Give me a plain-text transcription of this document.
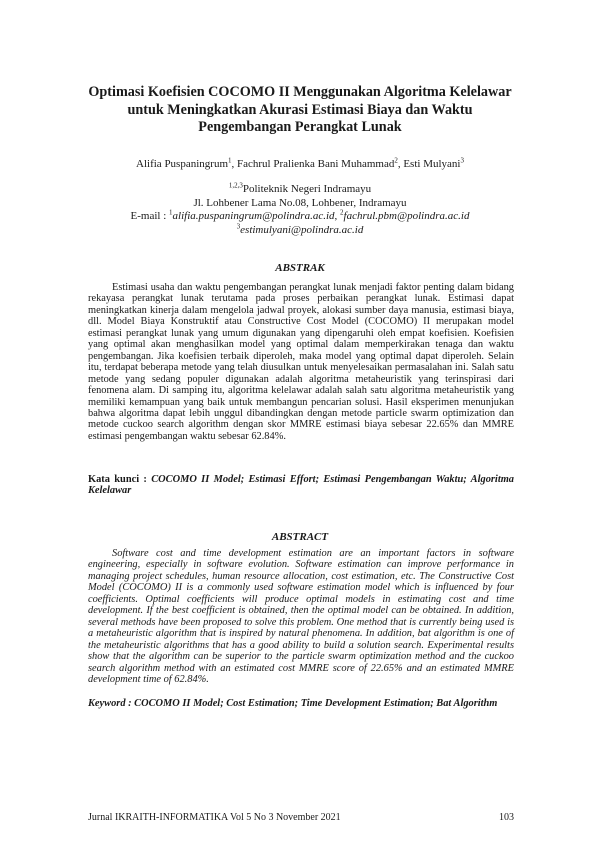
Optimasi Koefisien COCOMO II Menggunakan Algoritma Kelelawar
untuk Meningkatkan Akurasi Estimasi Biaya dan Waktu
Pengembangan Perangkat Lunak
Alifia Puspaningrum$^1$, Fachrul Pralienka Bani Muhammad$^2$, Esti Mulyani$^3$
$^{1,2,3}$Politeknik Negeri Indramayu
Jl. Lohbener Lama No.08, Lohbener, Indramayu
E-mail : $^1$alifia.puspaningrum@polindra.ac.id, $^2$fachrul.pbm@polindra.ac.id
$^3$estimulyani@polindra.ac.id
ABSTRAK

Estimasi usaha dan waktu pengembangan perangkat lunak menjadi faktor penting dalam bidang rekayasa perangkat lunak terutama pada proses perbaikan perangkat lunak. Estimasi dapat meningkatkan kinerja dalam mengelola jadwal proyek, alokasi sumber daya manusia, estimasi biaya, dll. Model Biaya Konstruktif atau Constructive Cost Model (COCOMO) II merupakan model estimasi perangkat lunak yang umum digunakan yang dipengaruhi oleh empat koefisien. Koefisien yang optimal akan menghasilkan model yang optimal dalam memperkirakan tenaga dan waktu pengembangan. Jika koefisien terbaik diperoleh, maka model yang optimal dapat diperoleh. Selain itu, terdapat beberapa metode yang telah diusulkan untuk menyelesaikan permasalahan ini. Salah satu metode yang sedang populer digunakan adalah algoritma metaheuristik yang terinspirasi dari fenomena alam. Di samping itu, algoritma kelelawar adalah salah satu algoritma metaheuristik yang memiliki kemampuan yang baik untuk membangun pencarian solusi. Hasil eksperimen menunjukan bahwa algoritma dapat lebih unggul dibandingkan dengan metode particle swarm optimization dan metode cuckoo search algorithm dengan skor MMRE estimasi biaya sebesar 22.65% dan MMRE estimasi pengembangan waktu sebesar 62.84%.

Kata kunci : COCOMO II Model; Estimasi Effort; Estimasi Pengembangan Waktu; Algoritma Kelelawar

ABSTRACT

Software cost and time development estimation are an important factors in software engineering, especially in software evolution. Software estimation can improve performance in managing project schedules, human resource allocation, cost estimation, etc. The Constructive Cost Model (COCOMO) II is a commonly used software estimation model which is influenced by four coefficients. Optimal coefficients will produce optimal models in estimating cost and time development. If the best coefficient is obtained, then the optimal model can be obtained. In addition, several methods have been proposed to solve this problem. One method that is currently being used is a metaheuristic algorithm that is inspired by natural phenomena. In addition, bat algorithm is one of the metaheuristic algorithms that has a good ability to build a solution search. Experimental results show that the algorithm can be superior to the particle swarm optimization method and the cuckoo search algorithm method with an estimated cost MMRE score of 22.65% and an estimated MMRE development time of 62.84%.

Keyword : COCOMO II Model; Cost Estimation; Time Development Estimation; Bat Algorithm

Jurnal IKRAITH-INFORMATIKA Vol 5 No 3 November 2021	103
